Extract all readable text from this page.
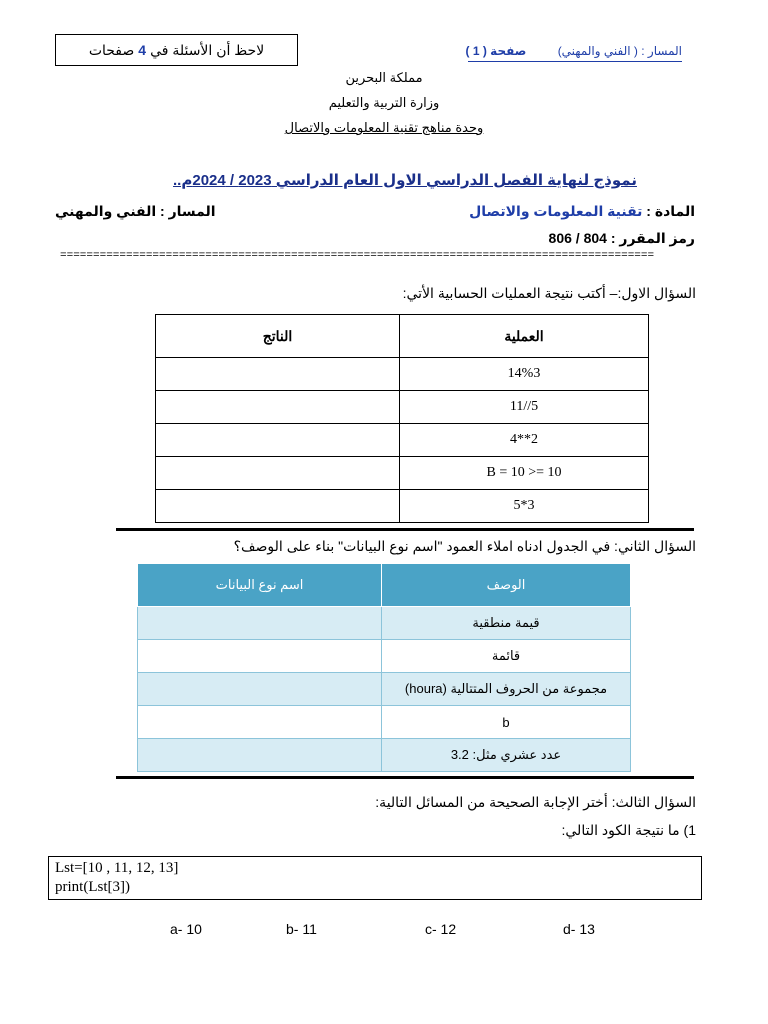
لاحظ أن الأسئلة في
4
صفحات	المسار : ( الفني والمهني) صفحة ( 1 )
مملكة البحرين
وزارة التربية والتعليم
وحدة مناهج تقنية المعلومات والاتصال
نموذج لنهاية الفصل الدراسي الاول العام الدراسي 2023 / 2024م..
المادة : تقنية المعلومات والاتصال
المسار : الفني والمهني
رمز المقرر : 804 / 806
==========================================================================================
السؤال الاول:– أكتب نتيجة العمليات الحسابية الأتي:
العملية	الناتج
14%3	
11//5	
4**2	
B = 10 >= 10	
5*3	
السؤال الثاني: في الجدول ادناه املاء العمود "اسم نوع البيانات" بناء على الوصف؟
الوصف	اسم نوع البيانات
قيمة منطقية	
قائمة	
مجموعة من الحروف المتتالية (houra)	
b	
عدد عشري مثل: 3.2	
السؤال الثالث: أختر الإجابة الصحيحة من المسائل التالية:
1) ما نتيجة الكود التالي:
Lst=[10 , 11, 12, 13]
print(Lst[3])
a- 10	b- 11	c- 12	d- 13
